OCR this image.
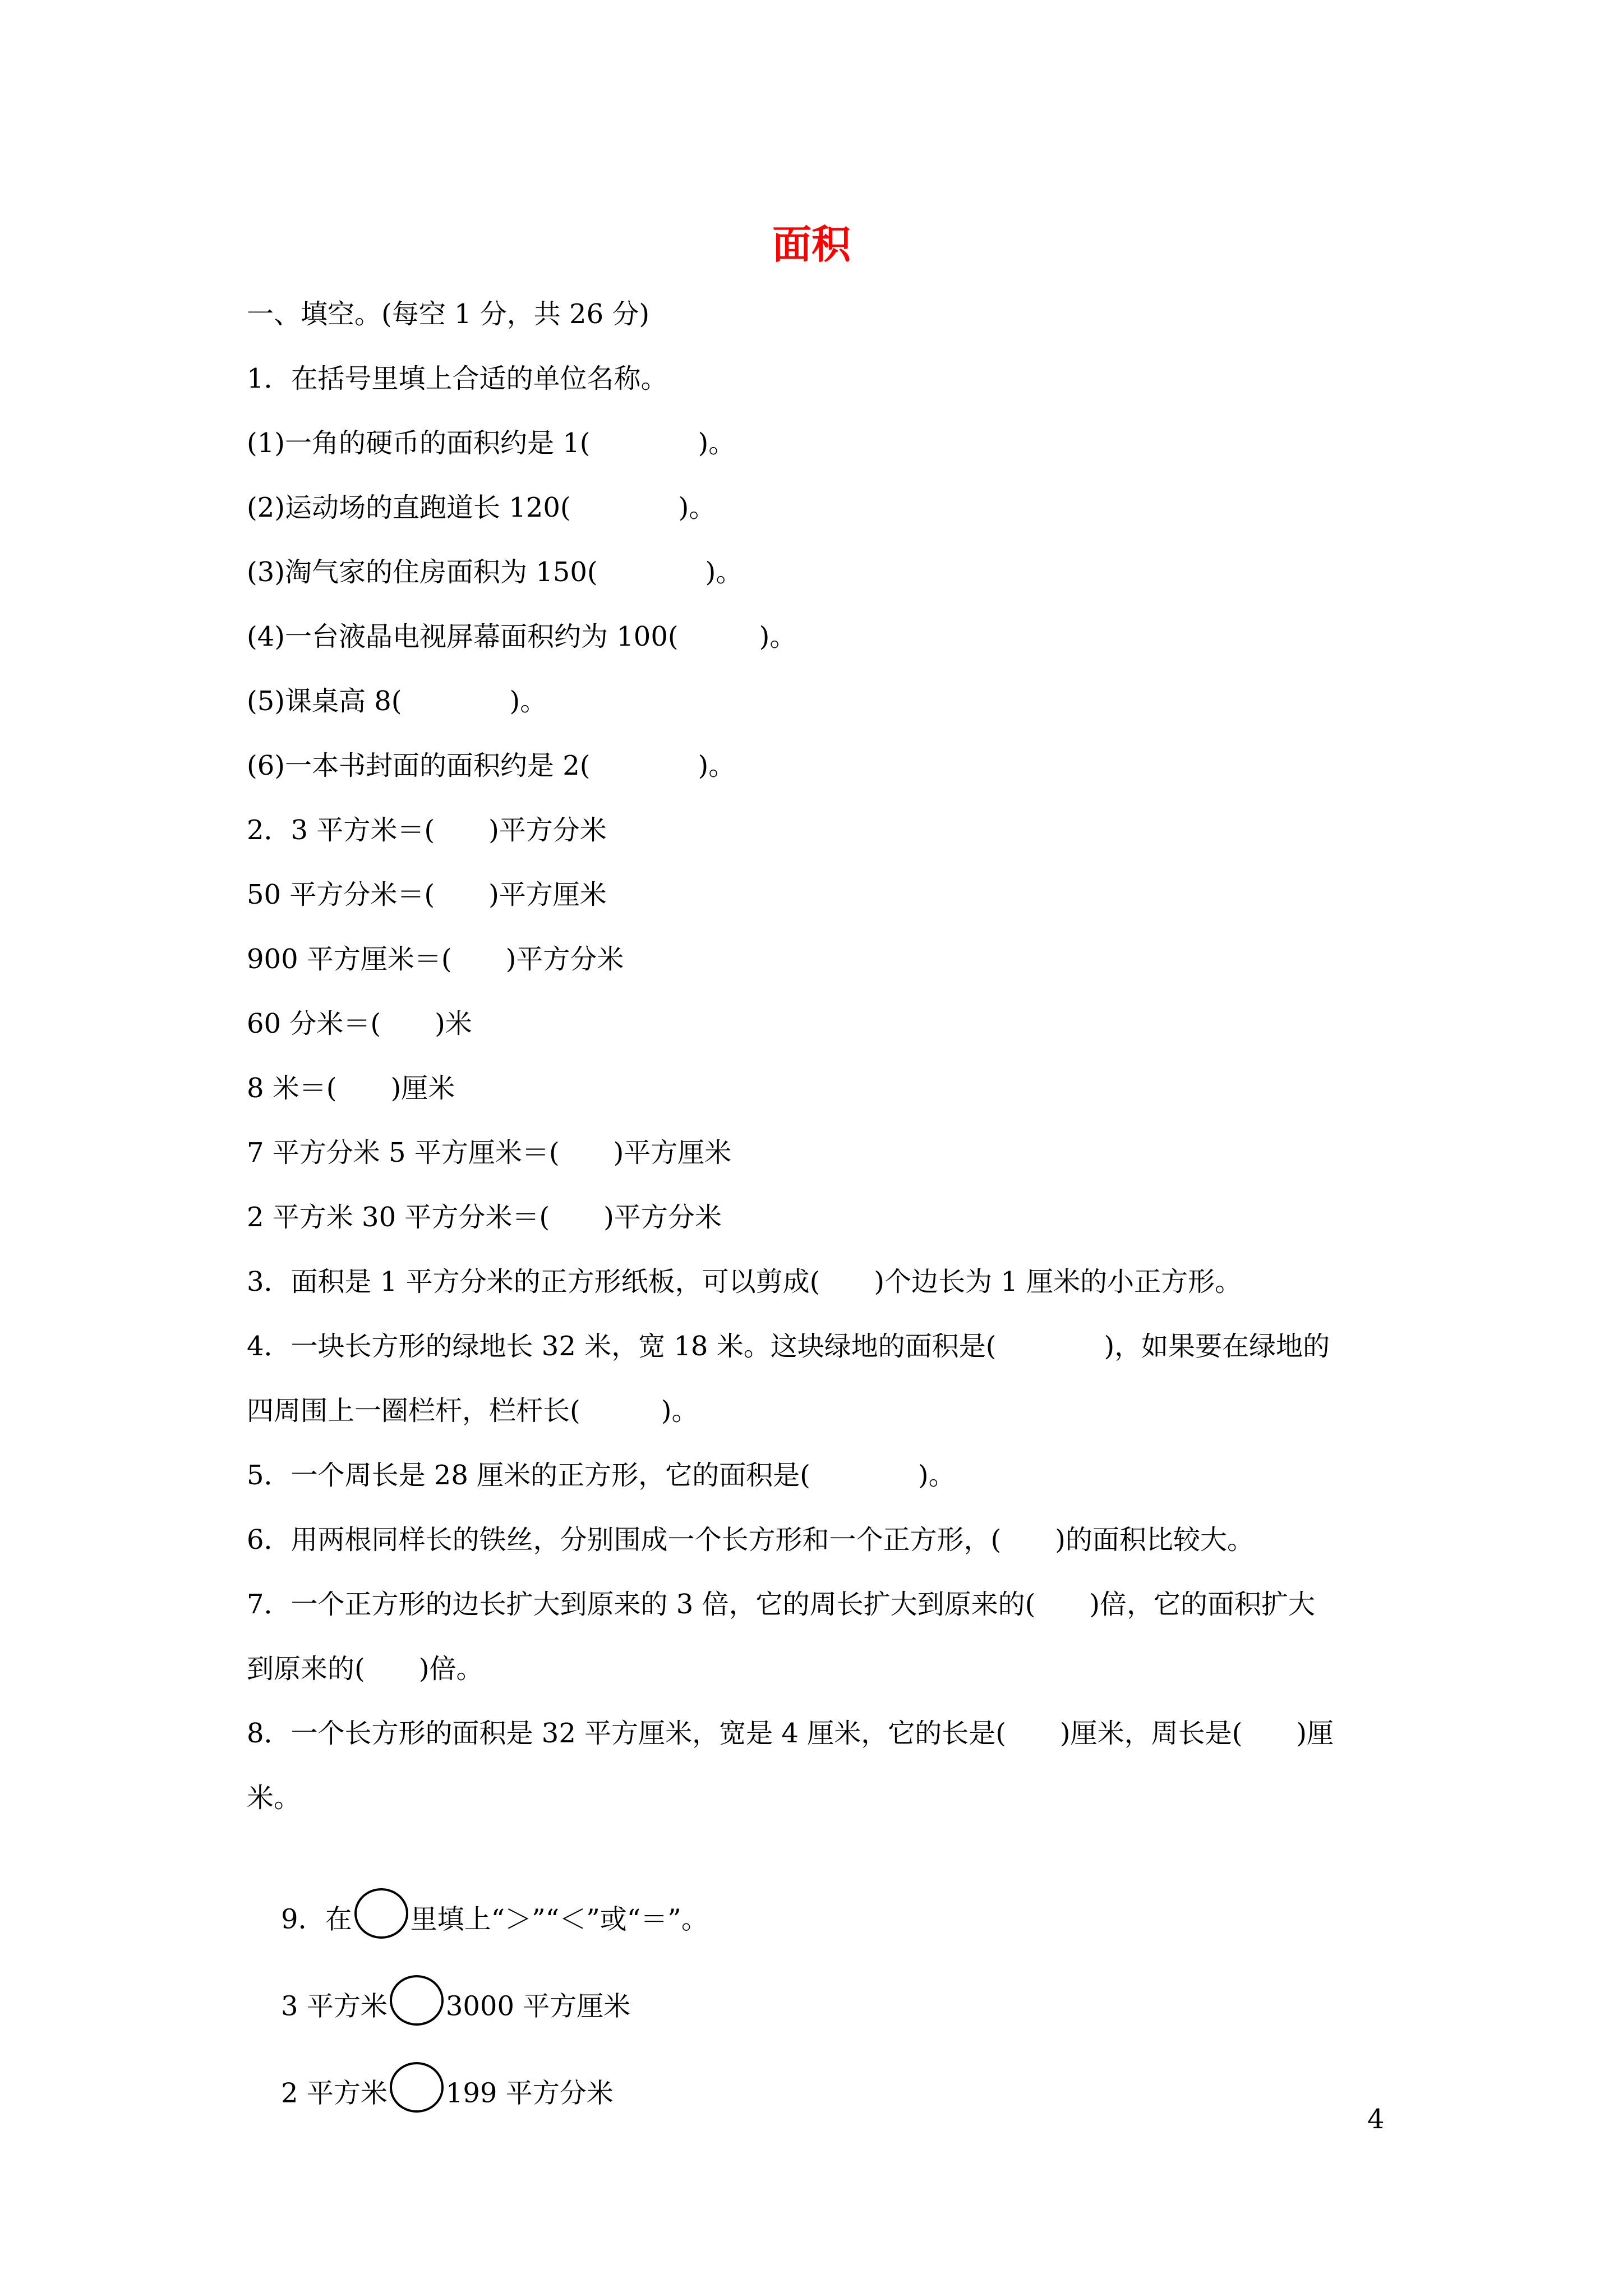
面积
一、填空。(每空 1 分，共 26 分)
1．在括号里填上合适的单位名称。
(1)一角的硬币的面积约是 1(　　　　)。
(2)运动场的直跑道长 120(　　　　)。
(3)淘气家的住房面积为 150(　　　　)。
(4)一台液晶电视屏幕面积约为 100(　　　)。
(5)课桌高 8(　　　　)。
(6)一本书封面的面积约是 2(　　　　)。
2．3 平方米＝(　　)平方分米
50 平方分米＝(　　)平方厘米
900 平方厘米＝(　　)平方分米
60 分米＝(　　)米
8 米＝(　　)厘米
7 平方分米 5 平方厘米＝(　　)平方厘米
2 平方米 30 平方分米＝(　　)平方分米
3．面积是 1 平方分米的正方形纸板，可以剪成(　　)个边长为 1 厘米的小正方形。
4．一块长方形的绿地长 32 米，宽 18 米。这块绿地的面积是(　　　　)，如果要在绿地的
四周围上一圈栏杆，栏杆长(　　　)。
5．一个周长是 28 厘米的正方形，它的面积是(　　　　)。
6．用两根同样长的铁丝，分别围成一个长方形和一个正方形，(　　)的面积比较大。
7．一个正方形的边长扩大到原来的 3 倍，它的周长扩大到原来的(　　)倍，它的面积扩大
到原来的(　　)倍。
8．一个长方形的面积是 32 平方厘米，宽是 4 厘米，它的长是(　　)厘米，周长是(　　)厘
米。

9．在 里填上“＞”“＜”或“＝”。

3 平方米 3000 平方厘米

2 平方米 199 平方分米

4
